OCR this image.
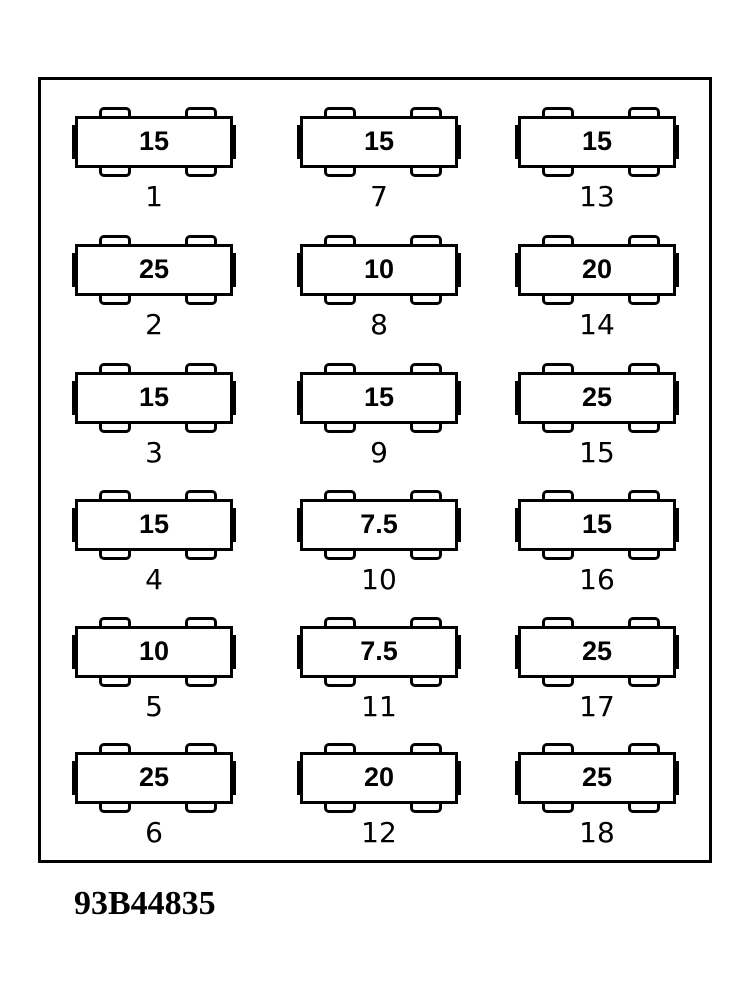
15
1
25
2
15
3
15
4
10
5
25
6
15
7
10
8
15
9
7.5
10
7.5
11
20
12
15
13
20
14
25
15
15
16
25
17
25
18
93B44835
